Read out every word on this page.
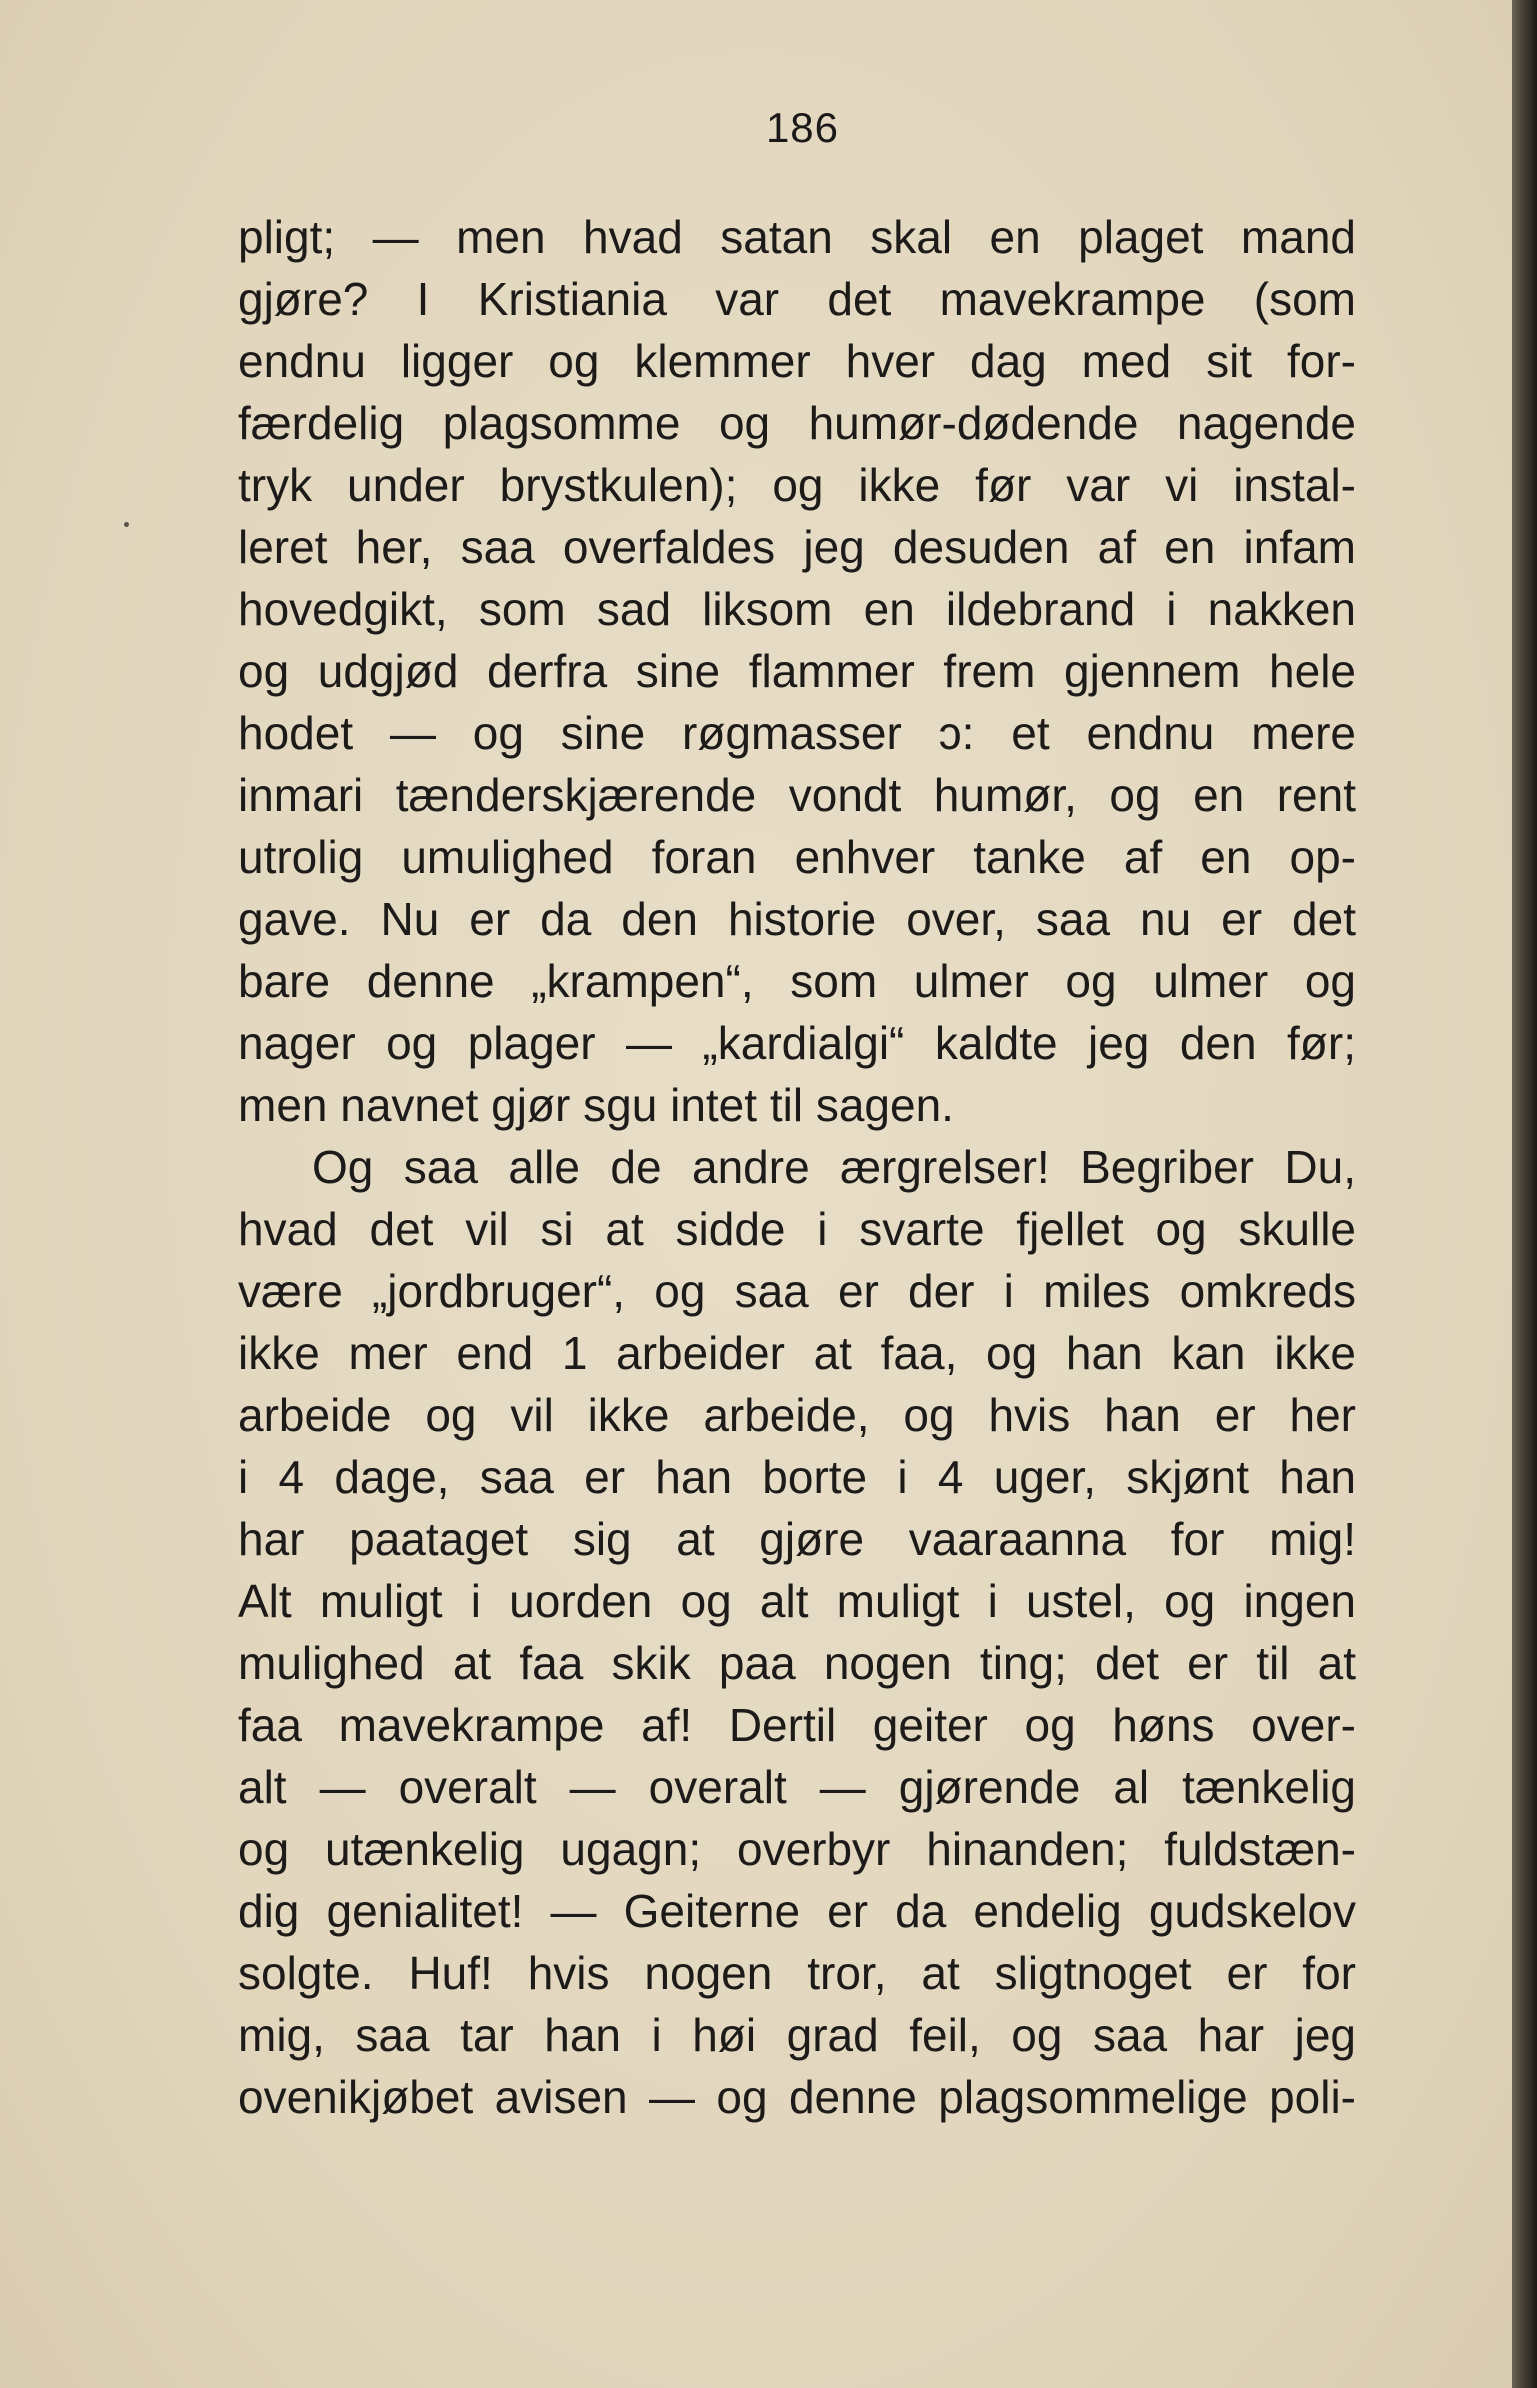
186
pligt; — men hvad satan skal en plaget mand
gjøre? I Kristiania var det mavekrampe (som
endnu ligger og klemmer hver dag med sit for-
færdelig plagsomme og humør-dødende nagende
tryk under brystkulen); og ikke før var vi instal-
leret her, saa overfaldes jeg desuden af en infam
hovedgikt, som sad liksom en ildebrand i nakken
og udgjød derfra sine flammer frem gjennem hele
hodet — og sine røgmasser ɔ: et endnu mere
inmari tænderskjærende vondt humør, og en rent
utrolig umulighed foran enhver tanke af en op-
gave. Nu er da den historie over, saa nu er det
bare denne „krampen“, som ulmer og ulmer og
nager og plager — „kardialgi“ kaldte jeg den før;
men navnet gjør sgu intet til sagen.
Og saa alle de andre ærgrelser! Begriber Du,
hvad det vil si at sidde i svarte fjellet og skulle
være „jordbruger“, og saa er der i miles omkreds
ikke mer end 1 arbeider at faa, og han kan ikke
arbeide og vil ikke arbeide, og hvis han er her
i 4 dage, saa er han borte i 4 uger, skjønt han
har paataget sig at gjøre vaaraanna for mig!
Alt muligt i uorden og alt muligt i ustel, og ingen
mulighed at faa skik paa nogen ting; det er til at
faa mavekrampe af! Dertil geiter og høns over-
alt — overalt — overalt — gjørende al tænkelig
og utænkelig ugagn; overbyr hinanden; fuldstæn-
dig genialitet! — Geiterne er da endelig gudskelov
solgte. Huf! hvis nogen tror, at sligtnoget er for
mig, saa tar han i høi grad feil, og saa har jeg
ovenikjøbet avisen — og denne plagsommelige poli-
